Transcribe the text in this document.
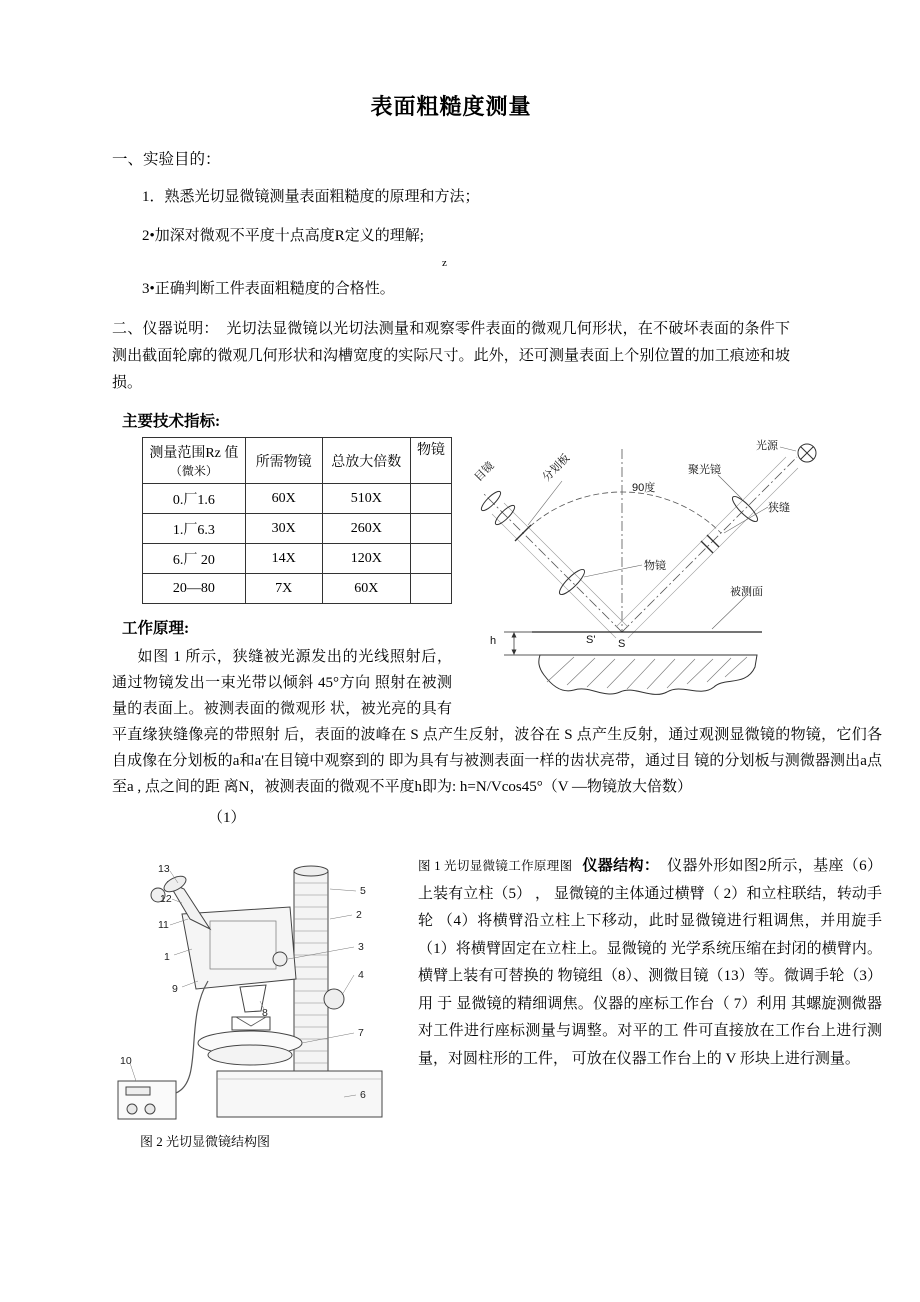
表面粗糙度测量
一、实验目的：

1．熟悉光切显微镜测量表面粗糙度的原理和方法；

2•加深对微观不平度十点高度R定义的理解;

z

3•正确判断工件表面粗糙度的合格性。

二、仪器说明：　 光切法显微镜以光切法测量和观察零件表面的微观几何形状，在不破坏表面的条件下 测出截面轮廓的微观几何形状和沟槽宽度的实际尺寸。此外，还可测量表面上个别位置的加工痕迹和坡损。

主要技术指标:
目镜	分划板
光源
聚光镜
狭缝
90度
物镜
被测面
h	S' S
测量范围Rz 值
（微米）	所需物镜	总放大倍数	物镜
0.厂1.6	60X	510X	
1.厂6.3	30X	260X	
6.厂 20	14X	120X	
20—80	7X	60X	
工作原理:

如图 1 所示，狭缝被光源发出的光线照射后，通过物镜发出一束光带以倾斜 45°方向 照射在被测量的表面上。被测表面的微观形 状，被光亮的具有平直缘狭缝像亮的带照射 后，表面的波峰在 S 点产生反射，波谷在 S 点产生反射，通过观测显微镜的物镜，它们各 自成像在分划板的a和a'在目镜中观察到的 即为具有与被测表面一样的齿状亮带，通过目 镜的分划板与测微器测出a点至a , 点之间的距 离N，被测表面的微观不平度h即为: h=N/Vcos45°（V —物镜放大倍数）

（1）

13
12
11
1
9
10
5
2
3
4
7
6
8
图 2 光切显微镜结构图

图 1 光切显微镜工作原理图 仪器结构： 仪器外形如图2所示，基座（6）上装有立柱（5） ， 显微镜的主体通过横臂（ 2）和立柱联结，转动手轮 （4）将横臂沿立柱上下移动，此时显微镜进行粗调焦，并用旋手（1）将横臂固定在立柱上。显微镜的 光学系统压缩在封闭的横臂内。横臂上装有可替换的 物镜组（8）、测微目镜（13）等。微调手轮（3）用 于 显微镜的精细调焦。仪器的座标工作台（ 7）利用 其螺旋测微器对工件进行座标测量与调整。对平的工 件可直接放在工作台上进行测量，对圆柱形的工件， 可放在仪器工作台上的 V 形块上进行测量。
